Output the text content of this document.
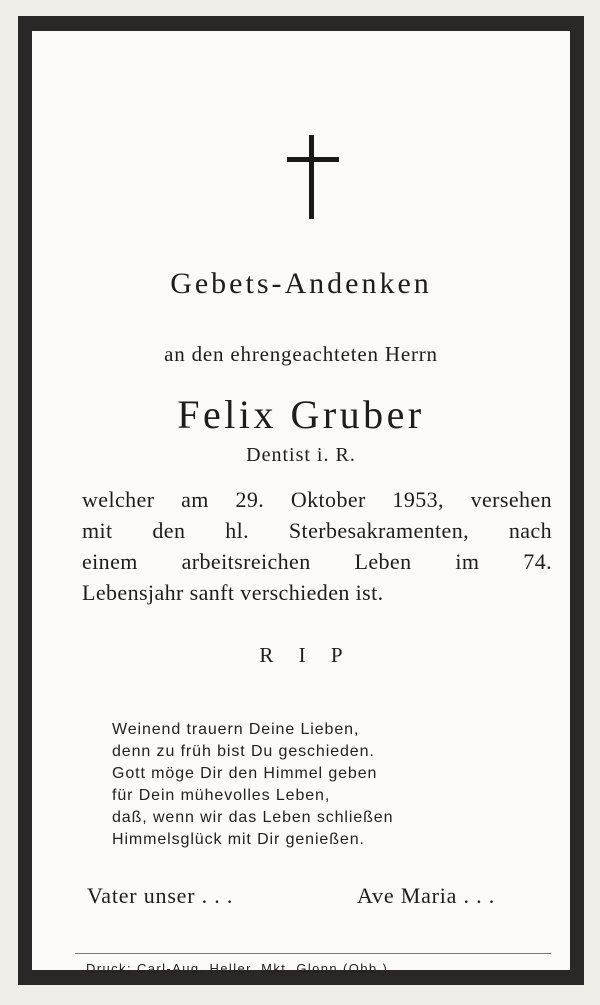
Gebets-Andenken
an den ehrengeachteten Herrn
Felix Gruber
Dentist i. R.
welcher am 29. Oktober 1953, versehen
mit den hl. Sterbesakramenten, nach
einem arbeitsreichen Leben im 74.
Lebensjahr sanft verschieden ist.
R I P
Weinend trauern Deine Lieben,
denn zu früh bist Du geschieden.
Gott möge Dir den Himmel geben
für Dein mühevolles Leben,
daß, wenn wir das Leben schließen
Himmelsglück mit Dir genießen.
Vater unser . . .	Ave Maria . . .
Druck: Carl-Aug. Heller, Mkt. Glonn (Obb.)
